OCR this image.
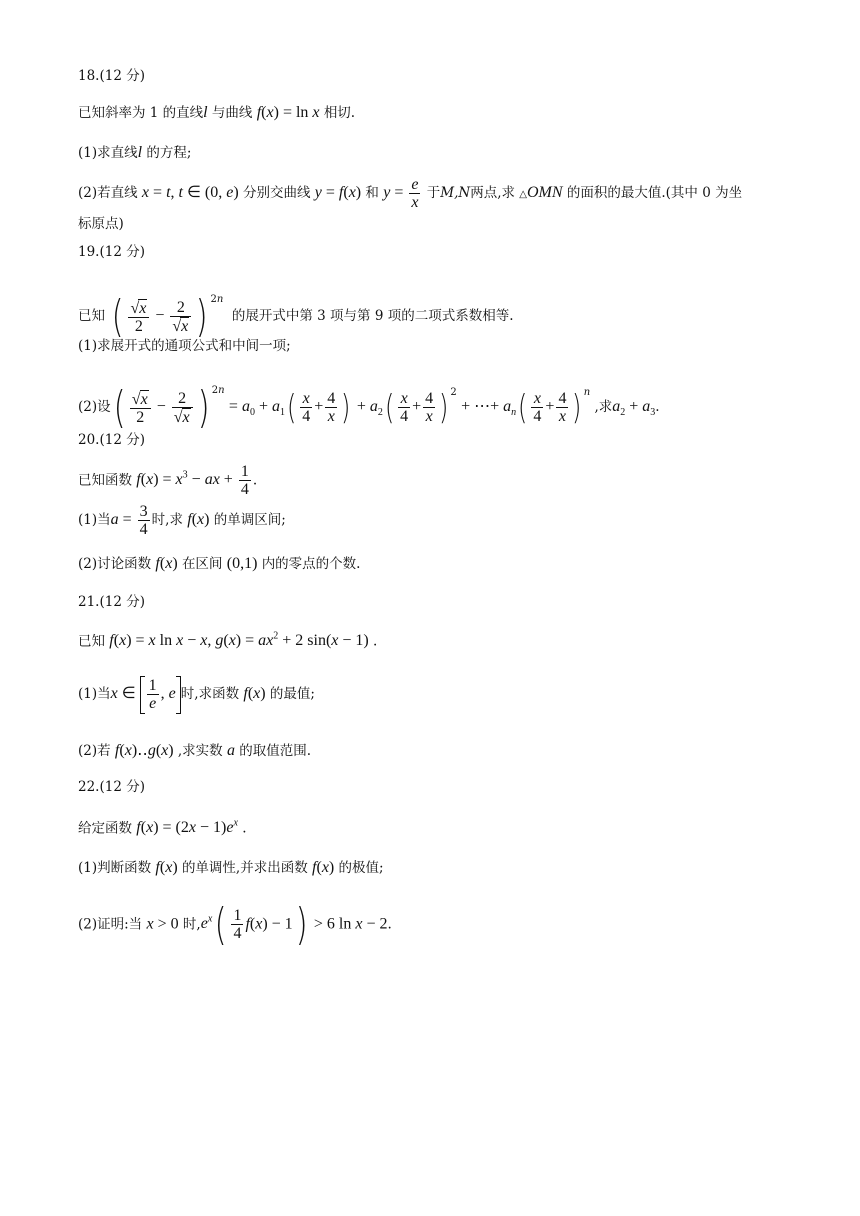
18.(12 分)
已知斜率为 1 的直线l 与曲线 f(x) = ln x 相切.
(1)求直线l 的方程;
(2)若直线 x = t, t ∈ (0, e) 分别交曲线 y = f(x) 和 $y = \frac{e}{x}$ 于M,N两点,求 △OMN 的面积的最大值.(其中 0 为坐
标原点)
19.(12 分)
已知 ( $\frac{√x}{2} - \frac{2}{√x}$ ) $^{2n}$  的展开式中第 3 项与第 9 项的二项式系数相等.
(1)求展开式的通项公式和中间一项;
(2)设( $\frac{√x}{2} - \frac{2}{√x}$ ) $^{2n} = a_0 + a_1( \frac{x}{4} + \frac{4}{x}$ ) + $a_2( \frac{x}{4} + \frac{4}{x}$ ) $^2$ + ⋯+ $a_n( \frac{x}{4} + \frac{4}{x}$ ) $^n$ ,求$a_2 + a_3$.
20.(12 分)
已知函数 $f(x) = x^3$ − ax + $\frac{1}{4}$ .
(1)当$a = \frac{3}{4}$ 时,求 f(x) 的单调区间;
(2)讨论函数 f(x) 在区间 (0,1) 内的零点的个数.
21.(12 分)
已知 f(x) = x ln x − x, $g(x) = ax^2 + 2$ sin(x − 1) .
(1)当x ∈ $\frac{1}{e}$ , e 时,求函数 f(x) 的最值;
(2)若 f(x)‥g(x) ,求实数 a 的取值范围.
22.(12 分)
给定函数 $f(x) = (2x - 1)e^x$ .
(1)判断函数 f(x) 的单调性,并求出函数 f(x) 的极值;
(2)证明:当 x > 0 时$,e^x( \frac{1}{4} f(x) - 1) > 6$ ln x − 2.
